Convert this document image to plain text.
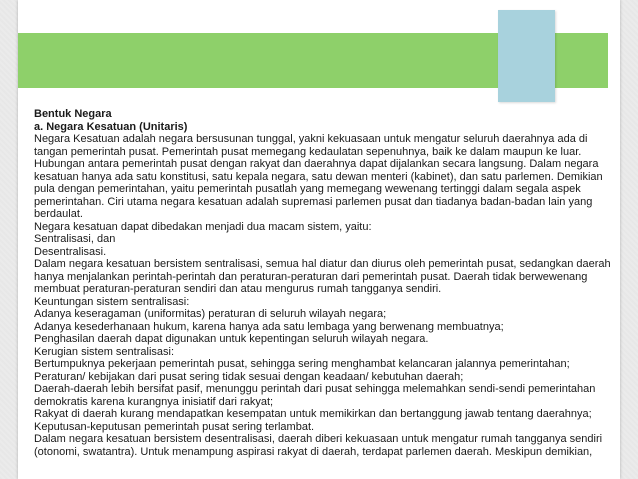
Bentuk Negara
a. Negara Kesatuan (Unitaris)
Negara Kesatuan adalah negara bersusunan tunggal, yakni kekuasaan untuk mengatur seluruh daerahnya ada di
tangan pemerintah pusat. Pemerintah pusat memegang kedaulatan sepenuhnya, baik ke dalam maupun ke luar.
Hubungan antara pemerintah pusat dengan rakyat dan daerahnya dapat dijalankan secara langsung. Dalam negara
kesatuan hanya ada satu konstitusi, satu kepala negara, satu dewan menteri (kabinet), dan satu parlemen. Demikian
pula dengan pemerintahan, yaitu pemerintah pusatlah yang memegang wewenang tertinggi dalam segala aspek
pemerintahan. Ciri utama negara kesatuan adalah supremasi parlemen pusat dan tiadanya badan-badan lain yang
berdaulat.
Negara kesatuan dapat dibedakan menjadi dua macam sistem, yaitu:
Sentralisasi, dan
Desentralisasi.
Dalam negara kesatuan bersistem sentralisasi, semua hal diatur dan diurus oleh pemerintah pusat, sedangkan daerah
hanya menjalankan perintah-perintah dan peraturan-peraturan dari pemerintah pusat. Daerah tidak berwewenang
membuat peraturan-peraturan sendiri dan atau mengurus rumah tangganya sendiri.
Keuntungan sistem sentralisasi:
Adanya keseragaman (uniformitas) peraturan di seluruh wilayah negara;
Adanya kesederhanaan hukum, karena hanya ada satu lembaga yang berwenang membuatnya;
Penghasilan daerah dapat digunakan untuk kepentingan seluruh wilayah negara.
Kerugian sistem sentralisasi:
Bertumpuknya pekerjaan pemerintah pusat, sehingga sering menghambat kelancaran jalannya pemerintahan;
Peraturan/ kebijakan dari pusat sering tidak sesuai dengan keadaan/ kebutuhan daerah;
Daerah-daerah lebih bersifat pasif, menunggu perintah dari pusat sehingga melemahkan sendi-sendi pemerintahan
demokratis karena kurangnya inisiatif dari rakyat;
Rakyat di daerah kurang mendapatkan kesempatan untuk memikirkan dan bertanggung jawab tentang daerahnya;
Keputusan-keputusan pemerintah pusat sering terlambat.
Dalam negara kesatuan bersistem desentralisasi, daerah diberi kekuasaan untuk mengatur rumah tangganya sendiri
(otonomi, swatantra). Untuk menampung aspirasi rakyat di daerah, terdapat parlemen daerah. Meskipun demikian,
